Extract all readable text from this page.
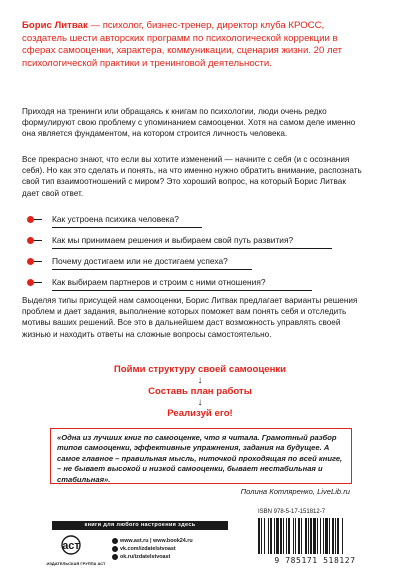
Борис Литвак — психолог, бизнес-тренер, директор клуба КРОСС, создатель шести авторских программ по психологической коррекции в сферах самооценки, характера, коммуникации, сценария жизни. 20 лет психологической практики и тренинговой деятельности.
Приходя на тренинги или обращаясь к книгам по психологии, люди очень редко формулируют свою проблему с упоминанием самооценки. Хотя на самом деле именно она является фундаментом, на котором строится личность человека.
Все прекрасно знают, что если вы хотите изменений — начните с себя (и с осознания себя). Но как это сделать и понять, на что именно нужно обратить внимание, распознать свой тип взаимоотношений с миром? Это хороший вопрос, на который Борис Литвак дает свой ответ.
Как устроена психика человека?
Как мы принимаем решения и выбираем свой путь развития?
Почему достигаем или не достигаем успеха?
Как выбираем партнеров и строим с ними отношения?
Выделяя типы присущей нам самооценки, Борис Литвак предлагает варианты решения проблем и дает задания, выполнение которых поможет вам понять себя и отследить мотивы ваших решений. Все это в дальнейшем даст возможность управлять своей жизнью и находить ответы на сложные вопросы самостоятельно.
Пойми структуру своей самооценки
↓
Составь план работы
↓
Реализуй его!
«Одна из лучших книг по самооценке, что я читала. Грамотный разбор типов самооценки, эффективные упражнения, задания на будущее. А самое главное – правильная мысль, ниточкой проходящая по всей книге, – не бывает высокой и низкой самооценки, бывает нестабильная и стабильная».
Полина Котляренко, LiveLib.ru
книги для любого настроения здесь
аст
ИЗДАТЕЛЬСКАЯ ГРУППА АСТ
www.ast.ru | www.book24.ru
vk.com/izdatelstvoast
ok.ru/izdatelstvoast
ISBN 978-5-17-151812-7
9 785171 518127
